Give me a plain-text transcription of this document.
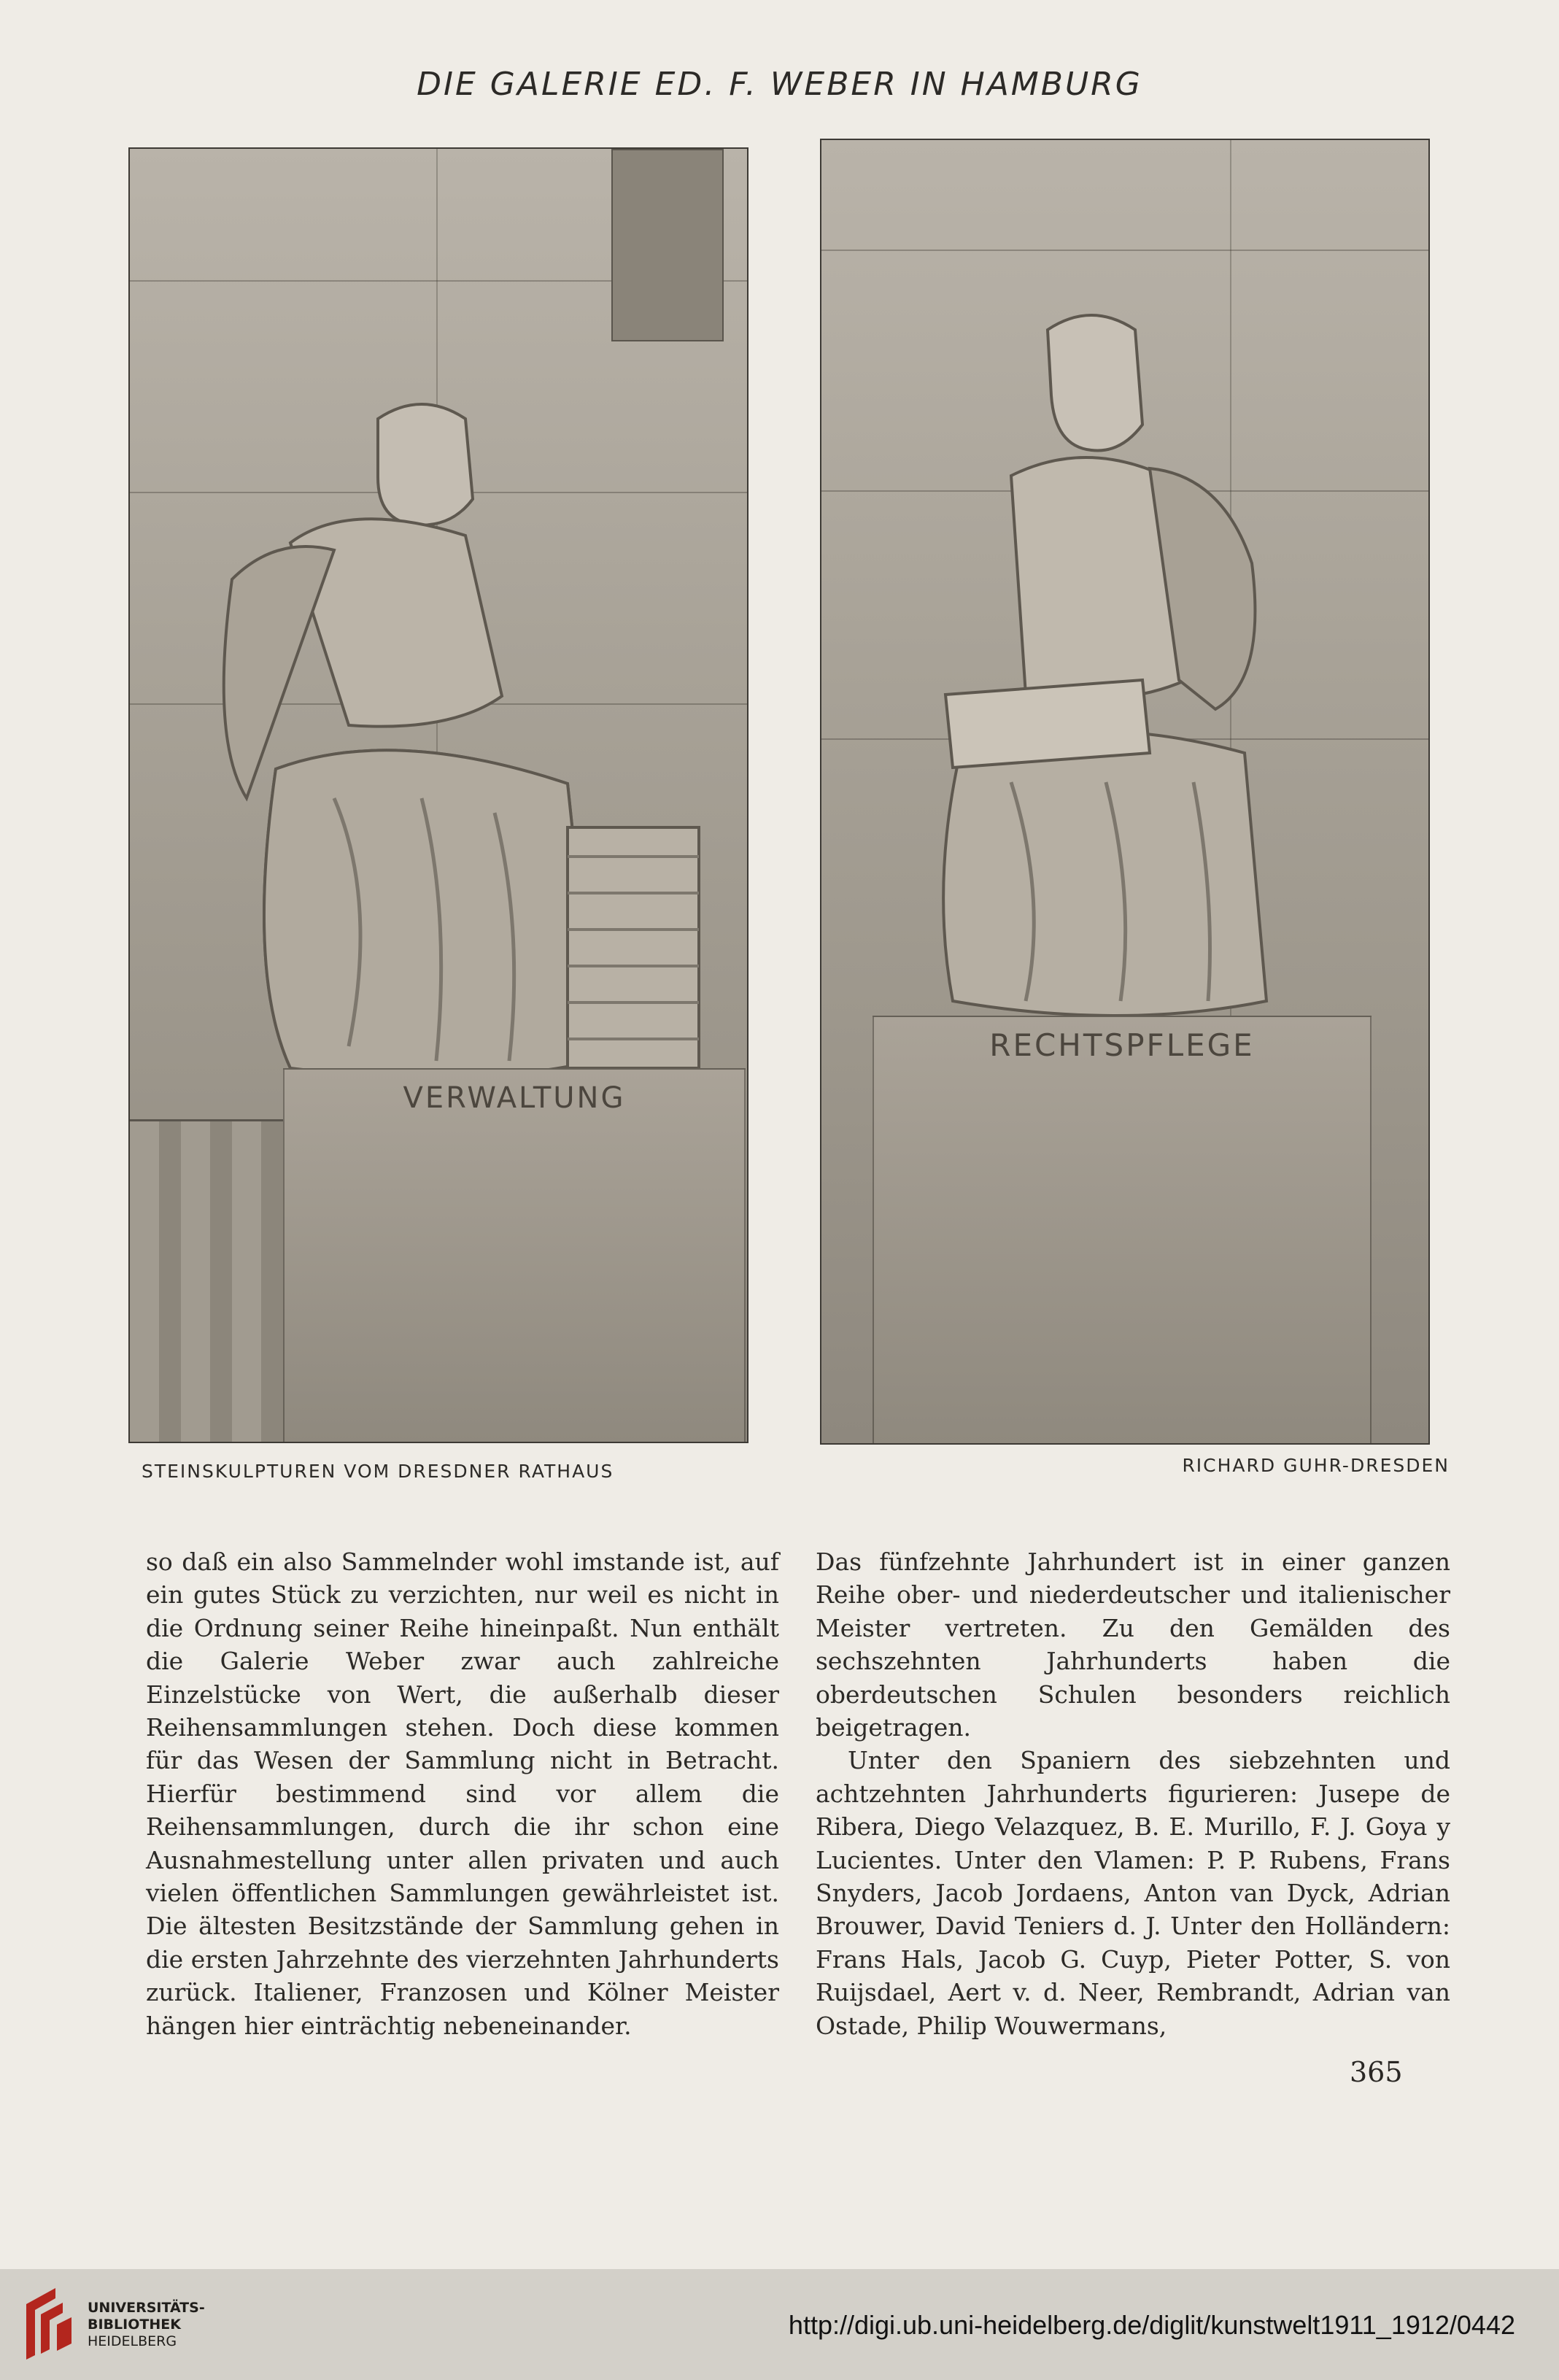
DIE GALERIE ED. F. WEBER IN HAMBURG
VERWALTUNG
RECHTSPFLEGE
STEINSKULPTUREN VOM DRESDNER RATHAUS	RICHARD GUHR-DRESDEN

so daß ein also Sammelnder wohl imstande ist, auf ein gutes Stück zu verzichten, nur weil es nicht in die Ordnung seiner Reihe hineinpaßt. Nun enthält die Galerie Weber zwar auch zahlreiche Einzelstücke von Wert, die außerhalb dieser Reihensammlungen stehen. Doch diese kommen für das Wesen der Sammlung nicht in Betracht. Hierfür bestimmend sind vor allem die Reihensammlungen, durch die ihr schon eine Ausnahmestellung unter allen privaten und auch vielen öffentlichen Sammlungen gewährleistet ist. Die ältesten Besitzstände der Sammlung gehen in die ersten Jahrzehnte des vierzehnten Jahrhunderts zurück. Italiener, Franzosen und Kölner Meister hängen hier einträchtig nebeneinander.

Das fünfzehnte Jahrhundert ist in einer ganzen Reihe ober- und niederdeutscher und italienischer Meister vertreten. Zu den Gemälden des sechszehnten Jahrhunderts haben die oberdeutschen Schulen besonders reichlich beigetragen.

Unter den Spaniern des siebzehnten und achtzehnten Jahrhunderts figurieren: Jusepe de Ribera, Diego Velazquez, B. E. Murillo, F. J. Goya y Lucientes. Unter den Vlamen: P. P. Rubens, Frans Snyders, Jacob Jordaens, Anton van Dyck, Adrian Brouwer, David Teniers d. J. Unter den Holländern: Frans Hals, Jacob G. Cuyp, Pieter Potter, S. von Ruijsdael, Aert v. d. Neer, Rembrandt, Adrian van Ostade, Philip Wouwermans,

365
UNIVERSITÄTS-
BIBLIOTHEK
HEIDELBERG
http://digi.ub.uni-heidelberg.de/diglit/kunstwelt1911_1912/0442
